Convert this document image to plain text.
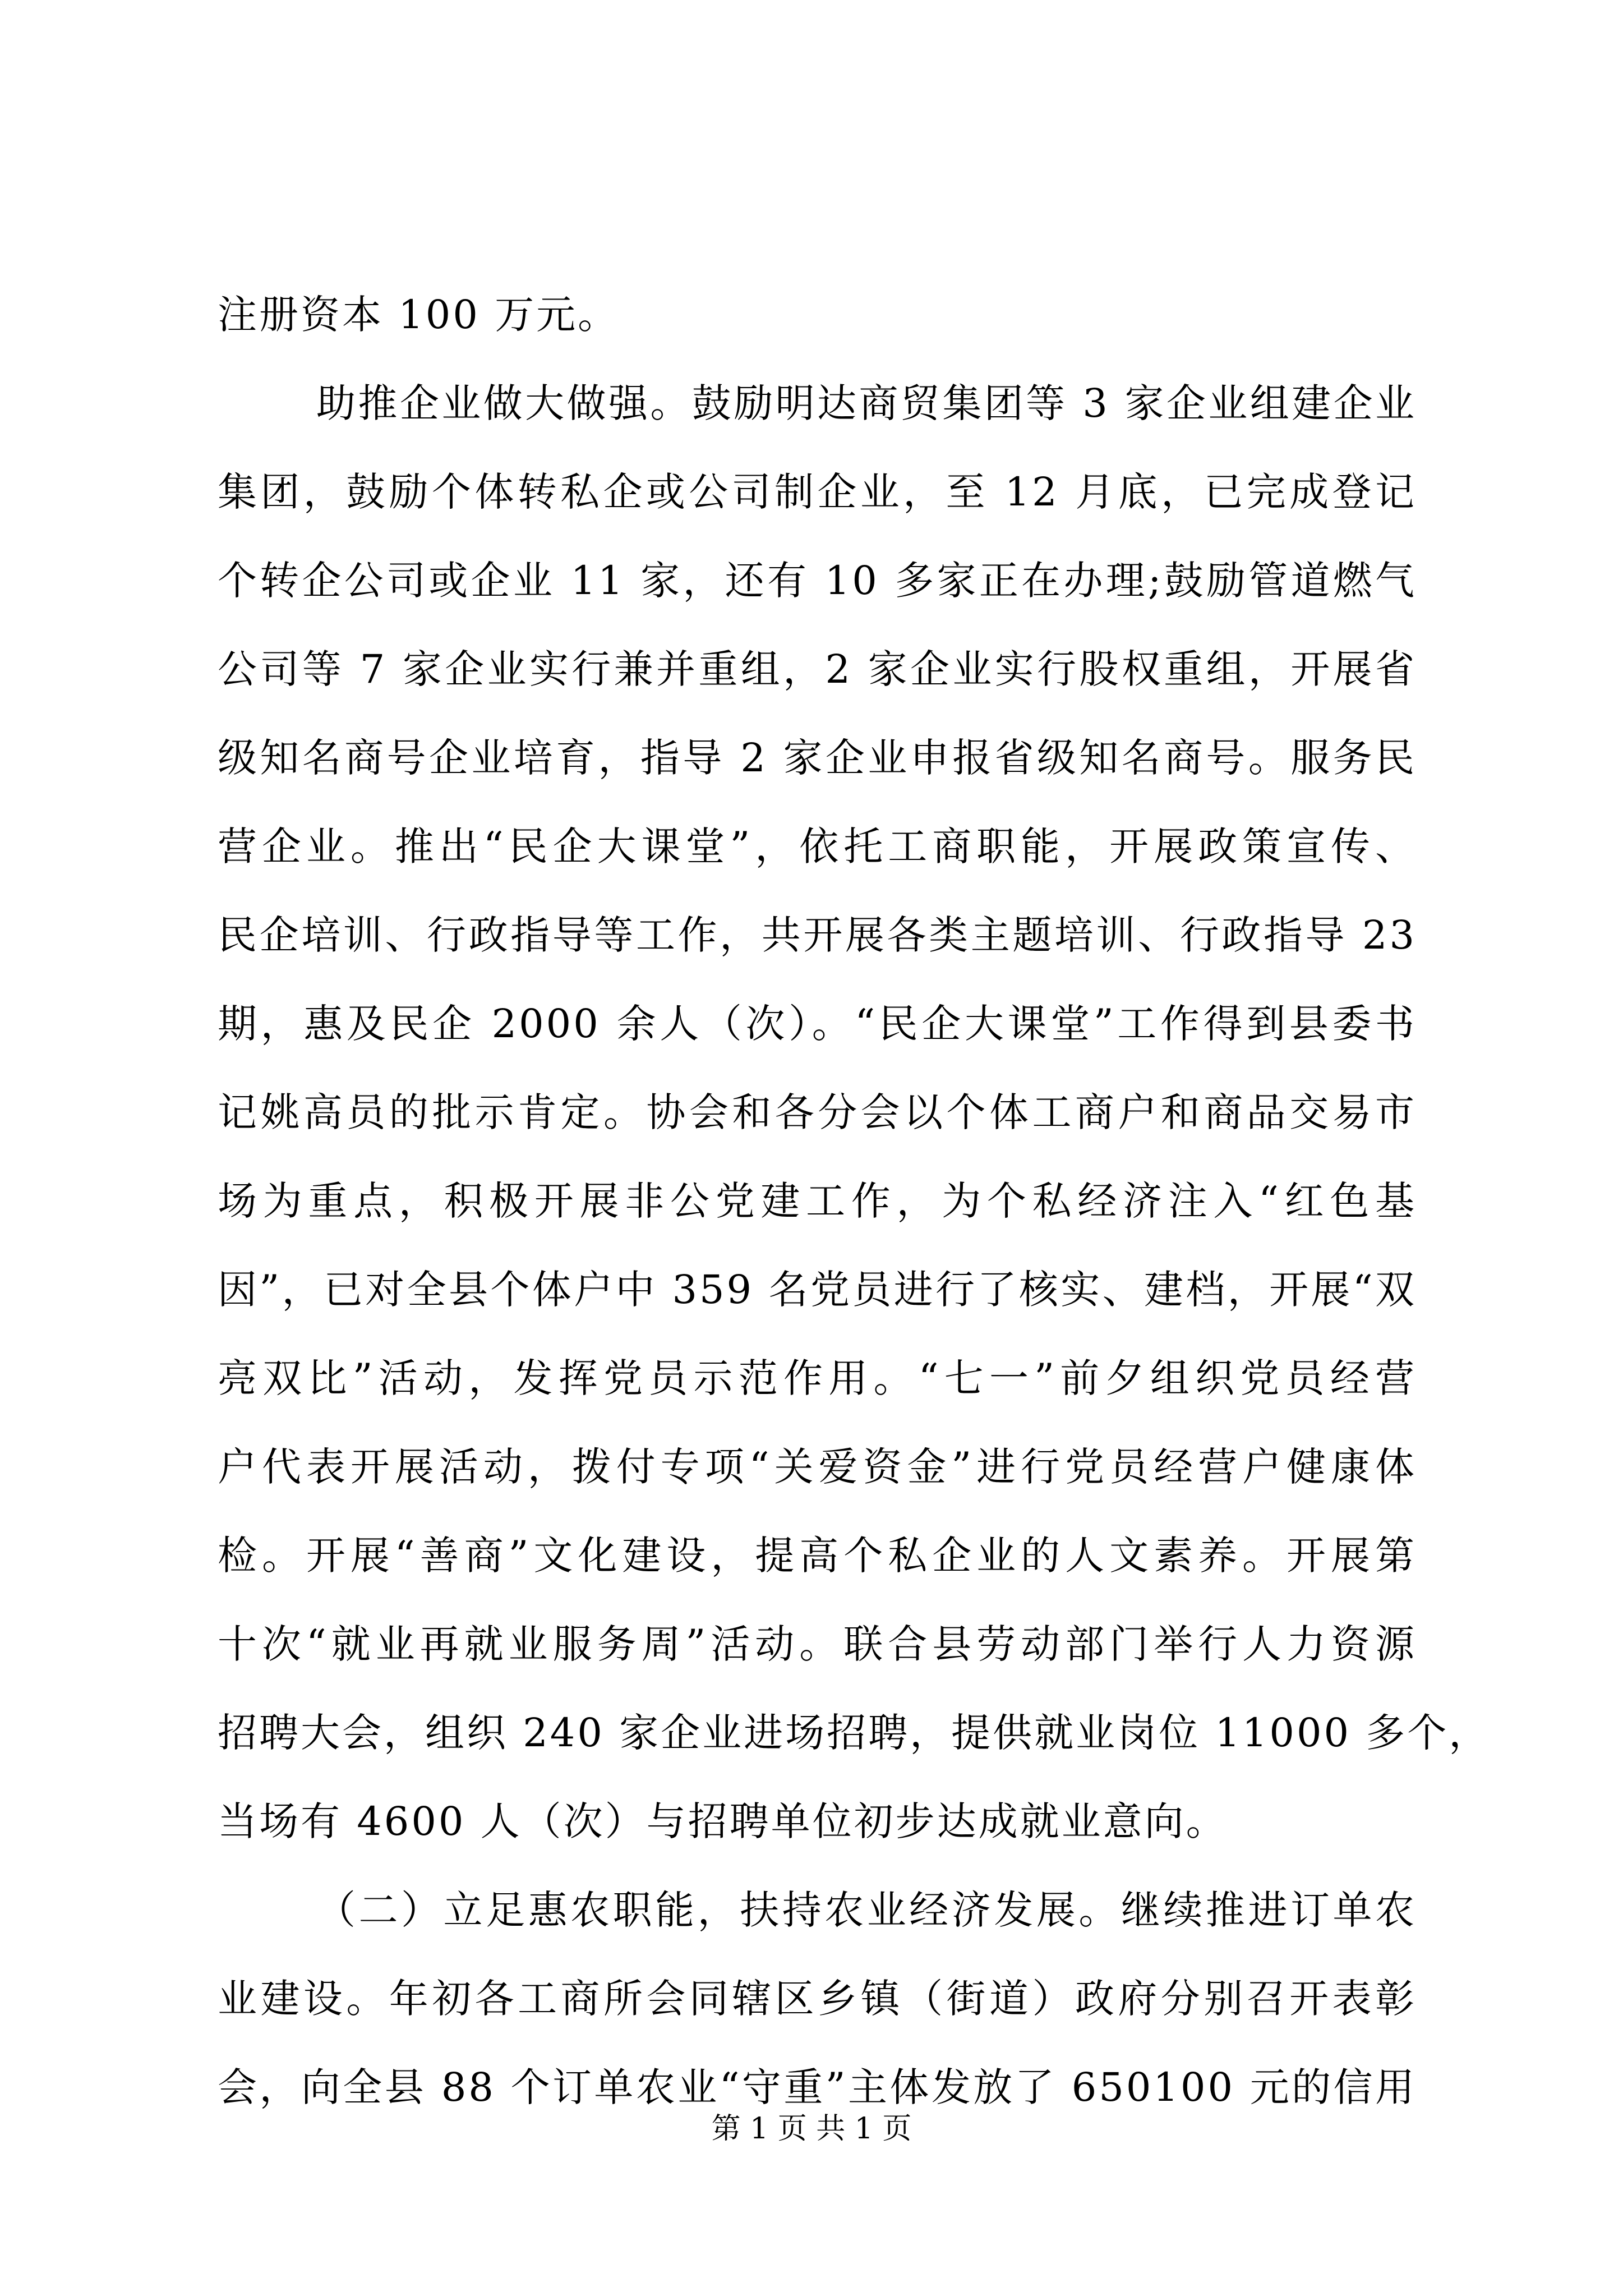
注册资本 100 万元。
助推企业做大做强。鼓励明达商贸集团等 3 家企业组建企业
集团，鼓励个体转私企或公司制企业，至 12 月底，已完成登记
个转企公司或企业 11 家，还有 10 多家正在办理;鼓励管道燃气
公司等 7 家企业实行兼并重组，2 家企业实行股权重组，开展省
级知名商号企业培育，指导 2 家企业申报省级知名商号。服务民
营企业。推出“民企大课堂”，依托工商职能，开展政策宣传、
民企培训、行政指导等工作，共开展各类主题培训、行政指导 23
期，惠及民企 2000 余人（次）。“民企大课堂”工作得到县委书
记姚高员的批示肯定。协会和各分会以个体工商户和商品交易市
场为重点，积极开展非公党建工作，为个私经济注入“红色基
因”，已对全县个体户中 359 名党员进行了核实、建档，开展“双
亮双比”活动，发挥党员示范作用。“七一”前夕组织党员经营
户代表开展活动，拨付专项“关爱资金”进行党员经营户健康体
检。开展“善商”文化建设，提高个私企业的人文素养。开展第
十次“就业再就业服务周”活动。联合县劳动部门举行人力资源
招聘大会，组织 240 家企业进场招聘，提供就业岗位 11000 多个，
当场有 4600 人（次）与招聘单位初步达成就业意向。
（二）立足惠农职能，扶持农业经济发展。继续推进订单农
业建设。年初各工商所会同辖区乡镇（街道）政府分别召开表彰
会，向全县 88 个订单农业“守重”主体发放了 650100 元的信用
第 1 页 共 1 页
